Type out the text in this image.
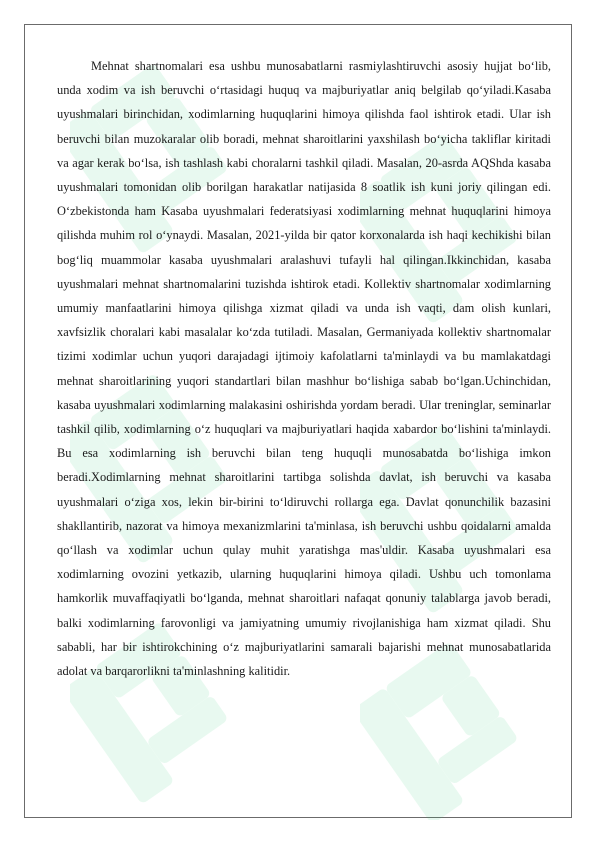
Mehnat shartnomalari esa ushbu munosabatlarni rasmiylashtiruvchi asosiy hujjat bo‘lib, unda xodim va ish beruvchi o‘rtasidagi huquq va majburiyatlar aniq belgilab qo‘yiladi.Kasaba uyushmalari birinchidan, xodimlarning huquqlarini himoya qilishda faol ishtirok etadi. Ular ish beruvchi bilan muzokaralar olib boradi, mehnat sharoitlarini yaxshilash bo‘yicha takliflar kiritadi va agar kerak bo‘lsa, ish tashlash kabi choralarni tashkil qiladi. Masalan, 20-asrda AQShda kasaba uyushmalari tomonidan olib borilgan harakatlar natijasida 8 soatlik ish kuni joriy qilingan edi. O‘zbekistonda ham Kasaba uyushmalari federatsiyasi xodimlarning mehnat huquqlarini himoya qilishda muhim rol o‘ynaydi. Masalan, 2021-yilda bir qator korxonalarda ish haqi kechikishi bilan bog‘liq muammolar kasaba uyushmalari aralashuvi tufayli hal qilingan.Ikkinchidan, kasaba uyushmalari mehnat shartnomalarini tuzishda ishtirok etadi. Kollektiv shartnomalar xodimlarning umumiy manfaatlarini himoya qilishga xizmat qiladi va unda ish vaqti, dam olish kunlari, xavfsizlik choralari kabi masalalar ko‘zda tutiladi. Masalan, Germaniyada kollektiv shartnomalar tizimi xodimlar uchun yuqori darajadagi ijtimoiy kafolatlarni ta'minlaydi va bu mamlakatdagi mehnat sharoitlarining yuqori standartlari bilan mashhur bo‘lishiga sabab bo‘lgan.Uchinchidan, kasaba uyushmalari xodimlarning malakasini oshirishda yordam beradi. Ular treninglar, seminarlar tashkil qilib, xodimlarning o‘z huquqlari va majburiyatlari haqida xabardor bo‘lishini ta'minlaydi. Bu esa xodimlarning ish beruvchi bilan teng huquqli munosabatda bo‘lishiga imkon beradi.Xodimlarning mehnat sharoitlarini tartibga solishda davlat, ish beruvchi va kasaba uyushmalari o‘ziga xos, lekin bir-birini to‘ldiruvchi rollarga ega. Davlat qonunchilik bazasini shakllantirib, nazorat va himoya mexanizmlarini ta'minlasa, ish beruvchi ushbu qoidalarni amalda qo‘llash va xodimlar uchun qulay muhit yaratishga mas'uldir. Kasaba uyushmalari esa xodimlarning ovozini yetkazib, ularning huquqlarini himoya qiladi. Ushbu uch tomonlama hamkorlik muvaffaqiyatli bo‘lganda, mehnat sharoitlari nafaqat qonuniy talablarga javob beradi, balki xodimlarning farovonligi va jamiyatning umumiy rivojlanishiga ham xizmat qiladi. Shu sababli, har bir ishtirokchining o‘z majburiyatlarini samarali bajarishi mehnat munosabatlarida adolat va barqarorlikni ta'minlashning kalitidir.
